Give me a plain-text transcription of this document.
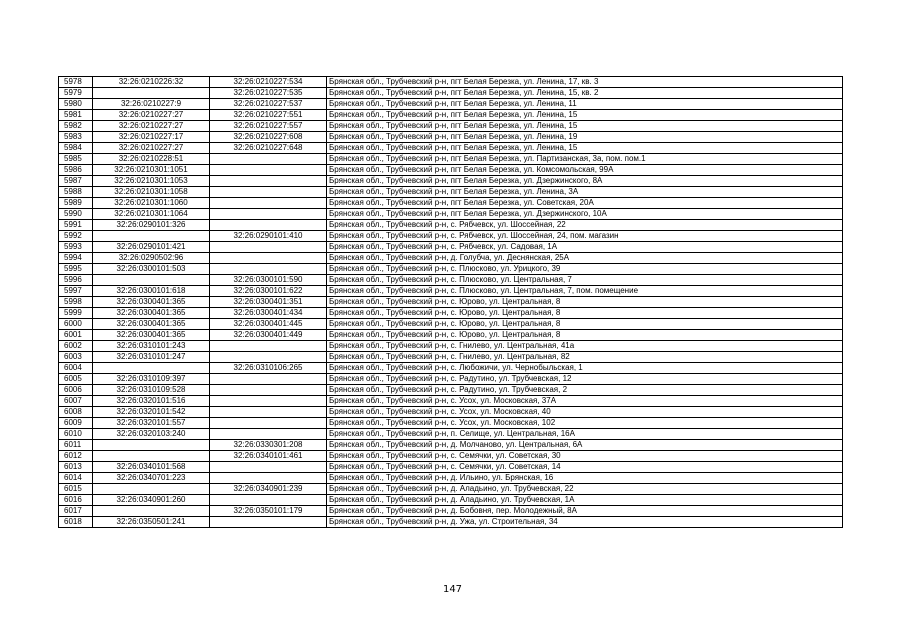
5978	32:26:0210226:32	32:26:0210227:534	Брянская обл., Трубчевский р-н, пгт Белая Березка, ул. Ленина, 17, кв. 3
5979		32:26:0210227:535	Брянская обл., Трубчевский р-н, пгт Белая Березка, ул. Ленина, 15, кв. 2
5980	32:26:0210227:9	32:26:0210227:537	Брянская обл., Трубчевский р-н, пгт Белая Березка, ул. Ленина, 11
5981	32:26:0210227:27	32:26:0210227:551	Брянская обл., Трубчевский р-н, пгт Белая Березка, ул. Ленина, 15
5982	32:26:0210227:27	32:26:0210227:557	Брянская обл., Трубчевский р-н, пгт Белая Березка, ул. Ленина, 15
5983	32:26:0210227:17	32:26:0210227:608	Брянская обл., Трубчевский р-н, пгт Белая Березка, ул. Ленина, 19
5984	32:26:0210227:27	32:26:0210227:648	Брянская обл., Трубчевский р-н, пгт Белая Березка, ул. Ленина, 15
5985	32:26:0210228:51		Брянская обл., Трубчевский р-н, пгт Белая Березка, ул. Партизанская, 3а, пом. пом.1
5986	32:26:0210301:1051		Брянская обл., Трубчевский р-н, пгт Белая Березка, ул. Комсомольская, 99А
5987	32:26:0210301:1053		Брянская обл., Трубчевский р-н, пгт Белая Березка, ул. Дзержинского, 8А
5988	32:26:0210301:1058		Брянская обл., Трубчевский р-н, пгт Белая Березка, ул. Ленина, 3А
5989	32:26:0210301:1060		Брянская обл., Трубчевский р-н, пгт Белая Березка, ул. Советская, 20А
5990	32:26:0210301:1064		Брянская обл., Трубчевский р-н, пгт Белая Березка, ул. Дзержинского, 10А
5991	32:26:0290101:326		Брянская обл., Трубчевский р-н, с. Рябчевск, ул. Шоссейная, 22
5992		32:26:0290101:410	Брянская обл., Трубчевский р-н, с. Рябчевск, ул. Шоссейная, 24, пом. магазин
5993	32:26:0290101:421		Брянская обл., Трубчевский р-н, с. Рябчевск, ул. Садовая, 1А
5994	32:26:0290502:96		Брянская обл., Трубчевский р-н, д. Голубча, ул. Деснянская, 25А
5995	32:26:0300101:503		Брянская обл., Трубчевский р-н, с. Плюсково, ул. Урицкого, 39
5996		32:26:0300101:590	Брянская обл., Трубчевский р-н, с. Плюсково, ул. Центральная, 7
5997	32:26:0300101:618	32:26:0300101:622	Брянская обл., Трубчевский р-н, с. Плюсково, ул. Центральная, 7, пом. помещение
5998	32:26:0300401:365	32:26:0300401:351	Брянская обл., Трубчевский р-н, с. Юрово, ул. Центральная, 8
5999	32:26:0300401:365	32:26:0300401:434	Брянская обл., Трубчевский р-н, с. Юрово, ул. Центральная, 8
6000	32:26:0300401:365	32:26:0300401:445	Брянская обл., Трубчевский р-н, с. Юрово, ул. Центральная, 8
6001	32:26:0300401:365	32:26:0300401:449	Брянская обл., Трубчевский р-н, с. Юрово, ул. Центральная, 8
6002	32:26:0310101:243		Брянская обл., Трубчевский р-н, с. Гнилево, ул. Центральная, 41а
6003	32:26:0310101:247		Брянская обл., Трубчевский р-н, с. Гнилево, ул. Центральная, 82
6004		32:26:0310106:265	Брянская обл., Трубчевский р-н, с. Любожичи, ул. Чернобыльская, 1
6005	32:26:0310109:397		Брянская обл., Трубчевский р-н, с. Радутино, ул. Трубчевская, 12
6006	32:26:0310109:528		Брянская обл., Трубчевский р-н, с. Радутино, ул. Трубчевская, 2
6007	32:26:0320101:516		Брянская обл., Трубчевский р-н, с. Усох, ул. Московская, 37А
6008	32:26:0320101:542		Брянская обл., Трубчевский р-н, с. Усох, ул. Московская, 40
6009	32:26:0320101:557		Брянская обл., Трубчевский р-н, с. Усох, ул. Московская, 102
6010	32:26:0320103:240		Брянская обл., Трубчевский р-н, п. Селище, ул. Центральная, 16А
6011		32:26:0330301:208	Брянская обл., Трубчевский р-н, д. Молчаново, ул. Центральная, 6А
6012		32:26:0340101:461	Брянская обл., Трубчевский р-н, с. Семячки, ул. Советская, 30
6013	32:26:0340101:568		Брянская обл., Трубчевский р-н, с. Семячки, ул. Советская, 14
6014	32:26:0340701:223		Брянская обл., Трубчевский р-н, д. Ильино, ул. Брянская, 16
6015		32:26:0340901:239	Брянская обл., Трубчевский р-н, д. Аладьино, ул. Трубчевская, 22
6016	32:26:0340901:260		Брянская обл., Трубчевский р-н, д. Аладьино, ул. Трубчевская, 1А
6017		32:26:0350101:179	Брянская обл., Трубчевский р-н, д. Бобовня, пер. Молодежный, 8А
6018	32:26:0350501:241		Брянская обл., Трубчевский р-н, д. Ужа, ул. Строительная, 34
147
